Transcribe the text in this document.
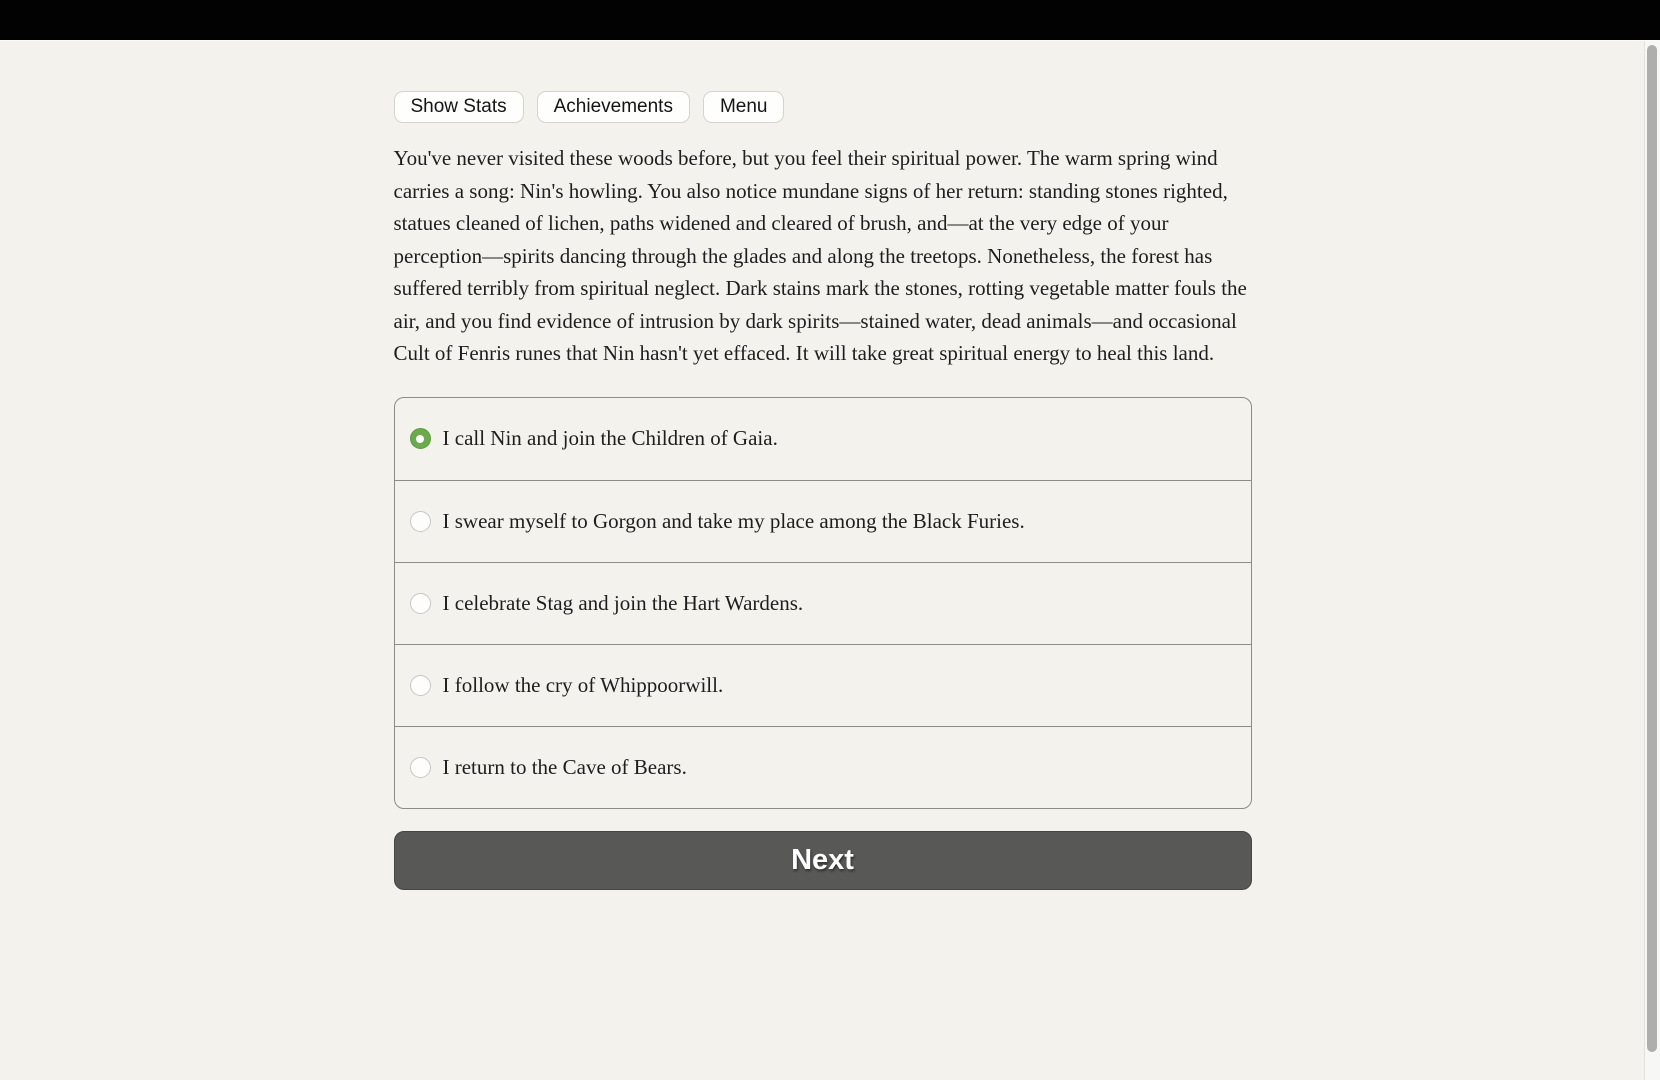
Show Stats	Achievements	Menu

You've never visited these woods before, but you feel their spiritual power. The warm spring wind carries a song: Nin's howling. You also notice mundane signs of her return: standing stones righted, statues cleaned of lichen, paths widened and cleared of brush, and—at the very edge of your perception—spirits dancing through the glades and along the treetops. Nonetheless, the forest has suffered terribly from spiritual neglect. Dark stains mark the stones, rotting vegetable matter fouls the air, and you find evidence of intrusion by dark spirits—stained water, dead animals—and occasional Cult of Fenris runes that Nin hasn't yet effaced. It will take great spiritual energy to heal this land.

I call Nin and join the Children of Gaia.
I swear myself to Gorgon and take my place among the Black Furies.
I celebrate Stag and join the Hart Wardens.
I follow the cry of Whippoorwill.
I return to the Cave of Bears.
Next
